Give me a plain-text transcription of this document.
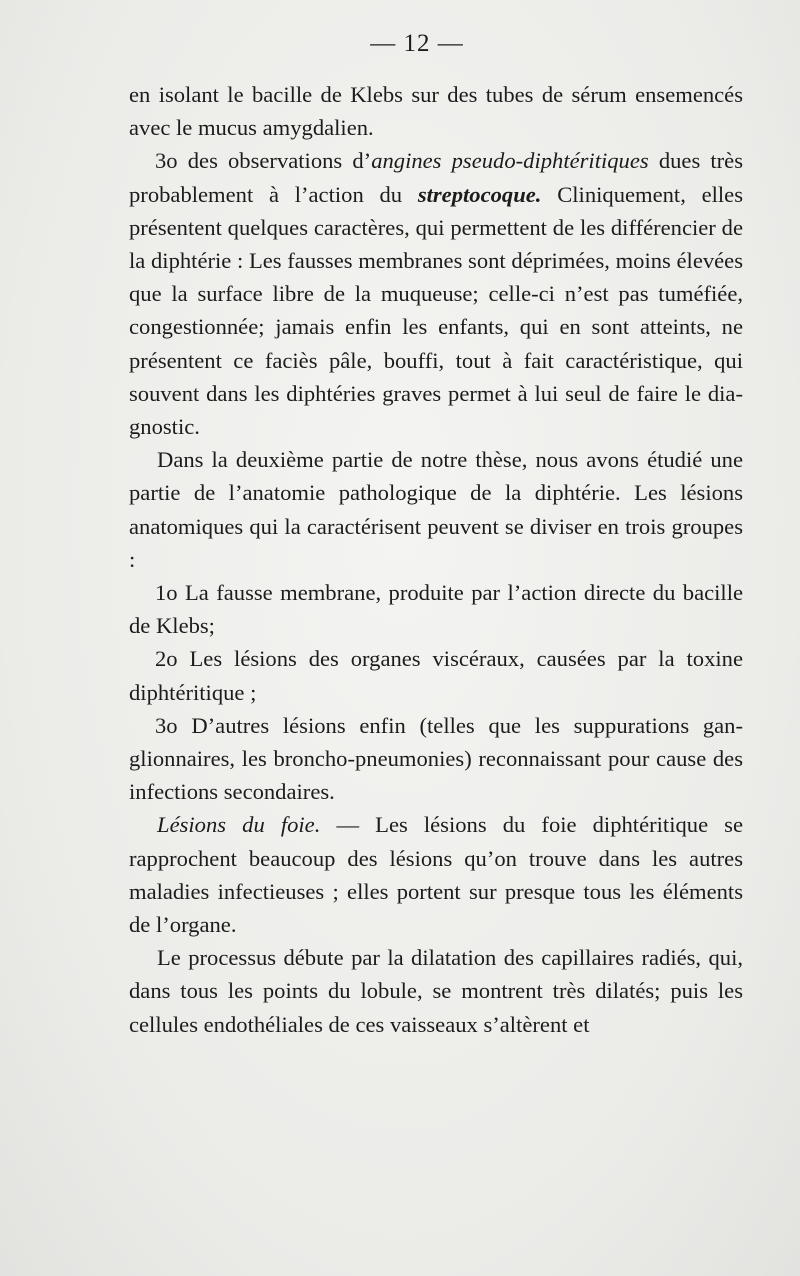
— 12 —

en isolant le bacille de Klebs sur des tubes de sérum ensemencés avec le mucus amygdalien.

3o des observations d’angines pseudo-diphtéritiques dues très probablement à l’action du streptocoque. Cliniquement, elles présentent quelques caractères, qui permettent de les différencier de la diphtérie : Les fausses membranes sont déprimées, moins élevées que la surface libre de la muqueuse; celle-ci n’est pas tuméfiée, congestionnée; jamais enfin les enfants, qui en sont atteints, ne présentent ce faciès pâle, bouffi, tout à fait caractéristique, qui souvent dans les diphtéries graves permet à lui seul de faire le dia- gnostic.

Dans la deuxième partie de notre thèse, nous avons étudié une partie de l’anatomie pathologique de la diphtérie. Les lésions anatomiques qui la caractérisent peuvent se diviser en trois groupes :

1o La fausse membrane, produite par l’action directe du bacille de Klebs;

2o Les lésions des organes viscéraux, causées par la toxine diphtéritique ;

3o D’autres lésions enfin (telles que les suppurations gan- glionnaires, les broncho-pneumonies) reconnaissant pour cause des infections secondaires.

Lésions du foie. — Les lésions du foie diphtéritique se rapprochent beaucoup des lésions qu’on trouve dans les autres maladies infectieuses ; elles portent sur presque tous les éléments de l’organe.

Le processus débute par la dilatation des capillaires radiés, qui, dans tous les points du lobule, se montrent très dilatés; puis les cellules endothéliales de ces vaisseaux s’altèrent et
